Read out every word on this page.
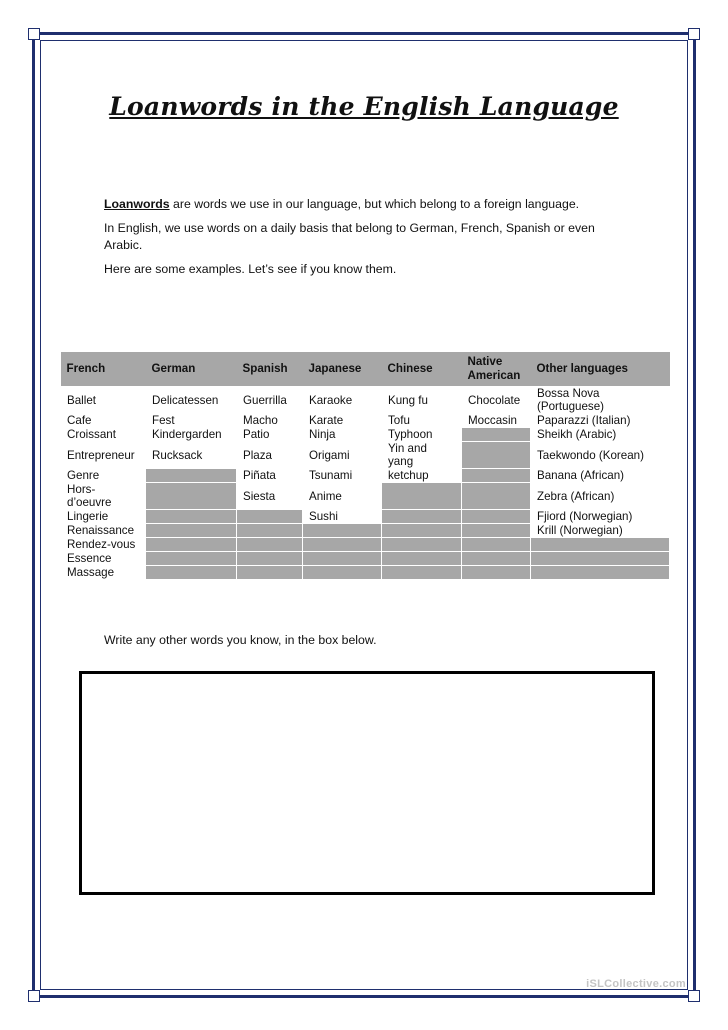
Loanwords in the English Language

Loanwords are words we use in our language, but which belong to a foreign language.

In English, we use words on a daily basis that belong to German, French, Spanish or even Arabic.

Here are some examples. Let’s see if you know them.

French	German	Spanish	Japanese	Chinese	Native American	Other languages
Ballet	Delicatessen	Guerrilla	Karaoke	Kung fu	Chocolate	Bossa Nova (Portuguese)
Cafe	Fest	Macho	Karate	Tofu	Moccasin	Paparazzi (Italian)
Croissant	Kindergarden	Patio	Ninja	Typhoon		Sheikh (Arabic)
Entrepreneur	Rucksack	Plaza	Origami	Yin and yang		Taekwondo (Korean)
Genre		Piñata	Tsunami	ketchup		Banana (African)
Hors-d’oeuvre		Siesta	Anime			Zebra (African)
Lingerie			Sushi			Fjiord (Norwegian)
Renaissance						Krill (Norwegian)
Rendez-vous						
Essence						
Massage						
Write any other words you know, in the box below.
iSLCollective.com
